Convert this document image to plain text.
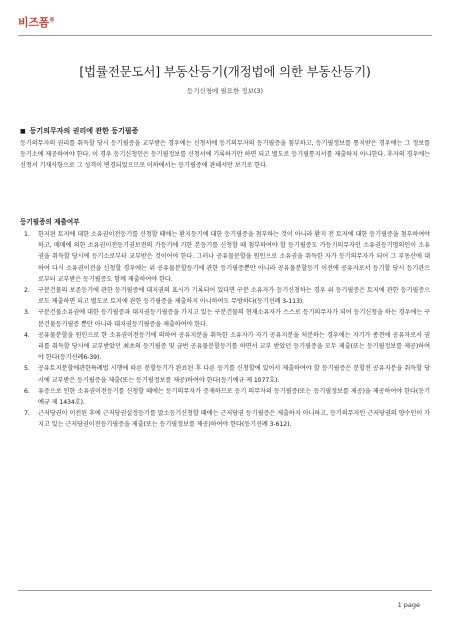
비즈폼®
[법률전문도서] 부동산등기(개정법에 의한 부동산등기)
등기신청에 필요한 정보(3)
■ 등기의무자의 권리에 관한 등기필증
등기의무자의 권리를 취득할 당시 등기필증을 교부받은 경우에는 신청서에 등기의무자의 등기필증을 첨부하고, 등기필정보를 통지받은 경우에는 그 정보를 등기소에 제공하여야 한다. 이 경우 등기신청인은 등기필정보를 신청서에 기록하기만 하면 되고 별도로 등기필통지서를 제출하지 아니한다. 후자의 경우에는 신청서 기재사항으로 그 성격이 변경되었으므로 이하에서는 등기필증에 관해서만 보기로 한다.
등기필증의 제출여부
1. 한지된 토지에 대한 소유권이전등기를 신청할 때에는 환지등기에 대한 등기필증을 첨부하는 것이 아니라 환지 전 토지에 대한 등기필증을 첨부하여야 하고, 매매에 의한 소유권이전등기권보전의 가등기에 기한 본등기를 신청할 때 첨부하여야 할 등기필증도 가등기의무자인 소유권등기명의인이 소유권을 취득할 당시에 등기소로부터 교부받은 것이어야 한다. 그러나 공유물분할을 원인으로 소유권을 취득한 자가 등기의무자가 되어 그 부동산에 대하여 다시 소유권이전을 신청할 경우에는 위 공유물분할등기에 관한 등기필증뿐만 아니라 공유물분할등기 이전에 공유자로서 등기할 당시 등기관으로부터 교부받은 등기필증도 함께 제출하여야 한다.
2. 구분건물의 보존등기에 관한 등기필증에 대지권의 표시가 기록되어 있다면 구분 소유자가 등기신청하는 경우 위 등기필증은 토지에 관한 등기필증으로도 제출하면 되고 별도로 토지에 관한 등기필증을 제출하지 아니하여도 무방하다(등기선례 3-113).
3. 구분건물소유권에 대한 등기필증과 대지권등기필증을 가지고 있는 구분건물의 현재소유자가 스스로 등기의무자가 되어 등기신청을 하는 경우에는 구분건물등기필증 뿐만 아니라 대지권등기필증을 제출하여야 한다.
4. 공유물분할을 원인으로 한 소유권이전등기에 의하여 공유지분을 취득한 소유자가 자기 공유지분을 처분하는 경우에는 자기가 종전에 공유자로서 권리를 취득할 당시에 교부받았던 최초의 등기필증 및 금번 공유물분할등기를 하면서 교부 받았던 등기필증을 모두 제출(또는 등기필정보를 제공)하여야 한다(등기선례6-39).
5. 공유토지분할에관한특례법 시행에 따른 분할등기가 완료된 후 다른 등기를 신청할에 있어서 제출하여야 할 등기필증은 분할전 공유지분을 취득할 당시에 교부받은 등기필증을 제출(또는 등기필정보를 제공)하여야 한다(등기예규 제 1077호).
6. 유증으로 인한 소유권이전등기를 신청할 때에는 등기의무자가 증재하므로 등기 의무자의 등기필증(또는 등기필정보를 제공)을 제공하여야 한다(등기예규 제 1434호).
7. 근저당권이 이전된 후에 근저당권설정등기를 말소등기신청할 때에는 근저당권 등기필증은 제출하지 아니하고, 등기의무자인 근저당권의 양수인이 가지고 있는 근저당권이전등기필증을 제출(또는 등기필정보를 제공)하여야 한다(등기선례 3-612).
1 page
